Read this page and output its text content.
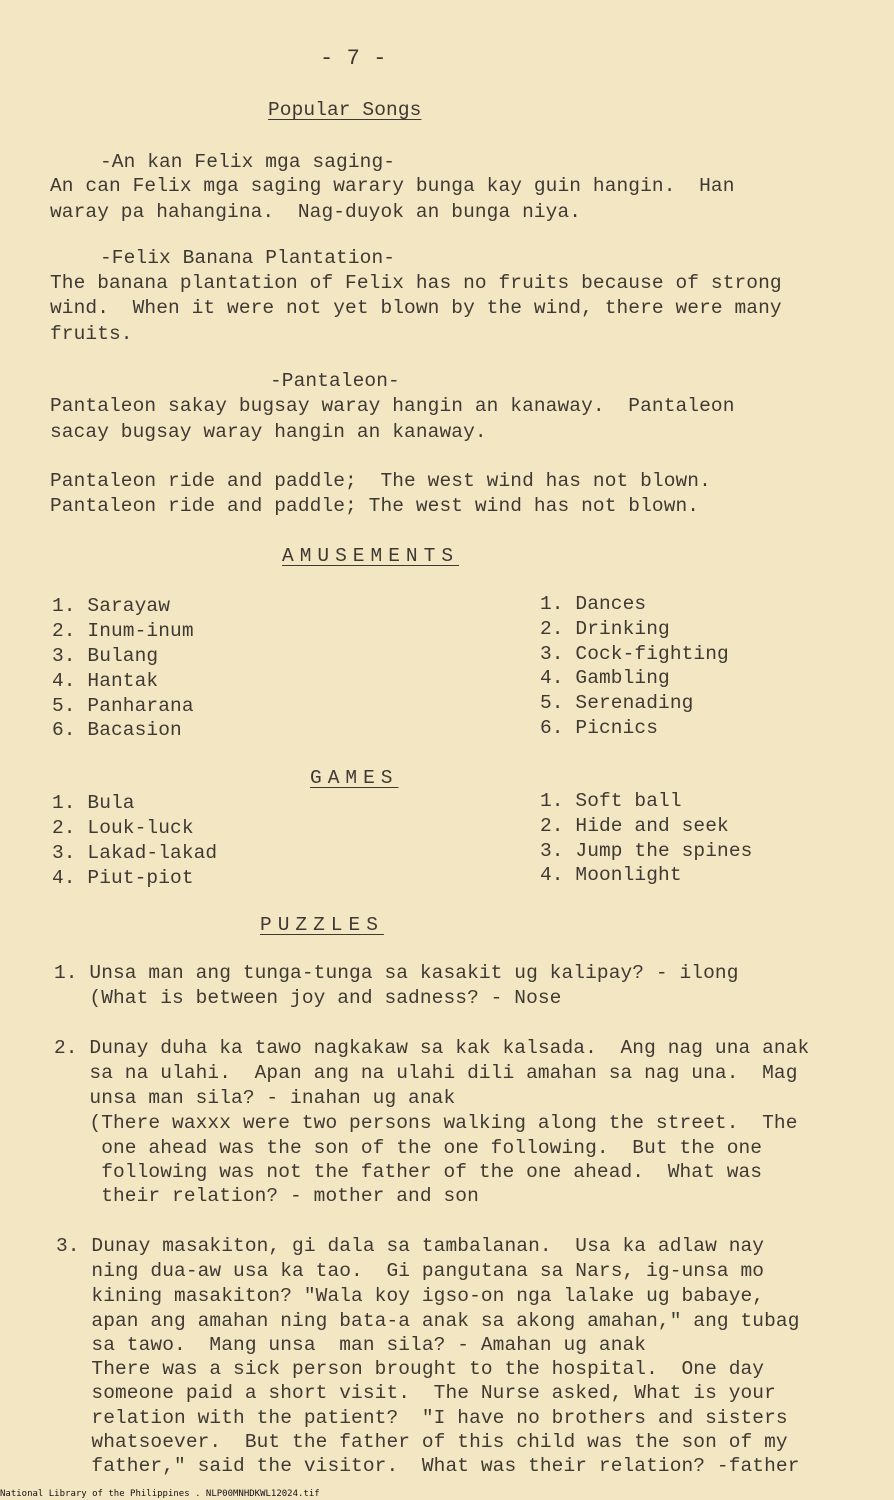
- 7 -
Popular Songs
-An kan Felix mga saging-
An can Felix mga saging warary bunga kay guin hangin.  Han
waray pa hahangina.  Nag-duyok an bunga niya.
-Felix Banana Plantation-
The banana plantation of Felix has no fruits because of strong
wind.  When it were not yet blown by the wind, there were many
fruits.
-Pantaleon-
Pantaleon sakay bugsay waray hangin an kanaway.  Pantaleon
sacay bugsay waray hangin an kanaway.
Pantaleon ride and paddle;  The west wind has not blown.
Pantaleon ride and paddle; The west wind has not blown.
AMUSEMENTS
1. Sarayaw
2. Inum-inum
3. Bulang
4. Hantak
5. Panharana
6. Bacasion
1. Dances
2. Drinking
3. Cock-fighting
4. Gambling
5. Serenading
6. Picnics
GAMES
1. Bula
2. Louk-luck
3. Lakad-lakad
4. Piut-piot
1. Soft ball
2. Hide and seek
3. Jump the spines
4. Moonlight
PUZZLES
1. Unsa man ang tunga-tunga sa kasakit ug kalipay? - ilong
(What is between joy and sadness? - Nose
2. Dunay duha ka tawo nagkakaw sa kak kalsada.  Ang nag una anak
sa na ulahi.  Apan ang na ulahi dili amahan sa nag una.  Mag
unsa man sila? - inahan ug anak
(There waxxx were two persons walking along the street.  The
one ahead was the son of the one following.  But the one
following was not the father of the one ahead.  What was
their relation? - mother and son
3. Dunay masakiton, gi dala sa tambalanan.  Usa ka adlaw nay
ning dua-aw usa ka tao.  Gi pangutana sa Nars, ig-unsa mo
kining masakiton? "Wala koy igso-on nga lalake ug babaye,
apan ang amahan ning bata-a anak sa akong amahan," ang tubag
sa tawo.  Mang unsa  man sila? - Amahan ug anak
There was a sick person brought to the hospital.  One day
someone paid a short visit.  The Nurse asked, What is your
relation with the patient?  "I have no brothers and sisters
whatsoever.  But the father of this child was the son of my
father," said the visitor.  What was their relation? -father
National Library of the Philippines . NLP00MNHDKWL12024.tif
